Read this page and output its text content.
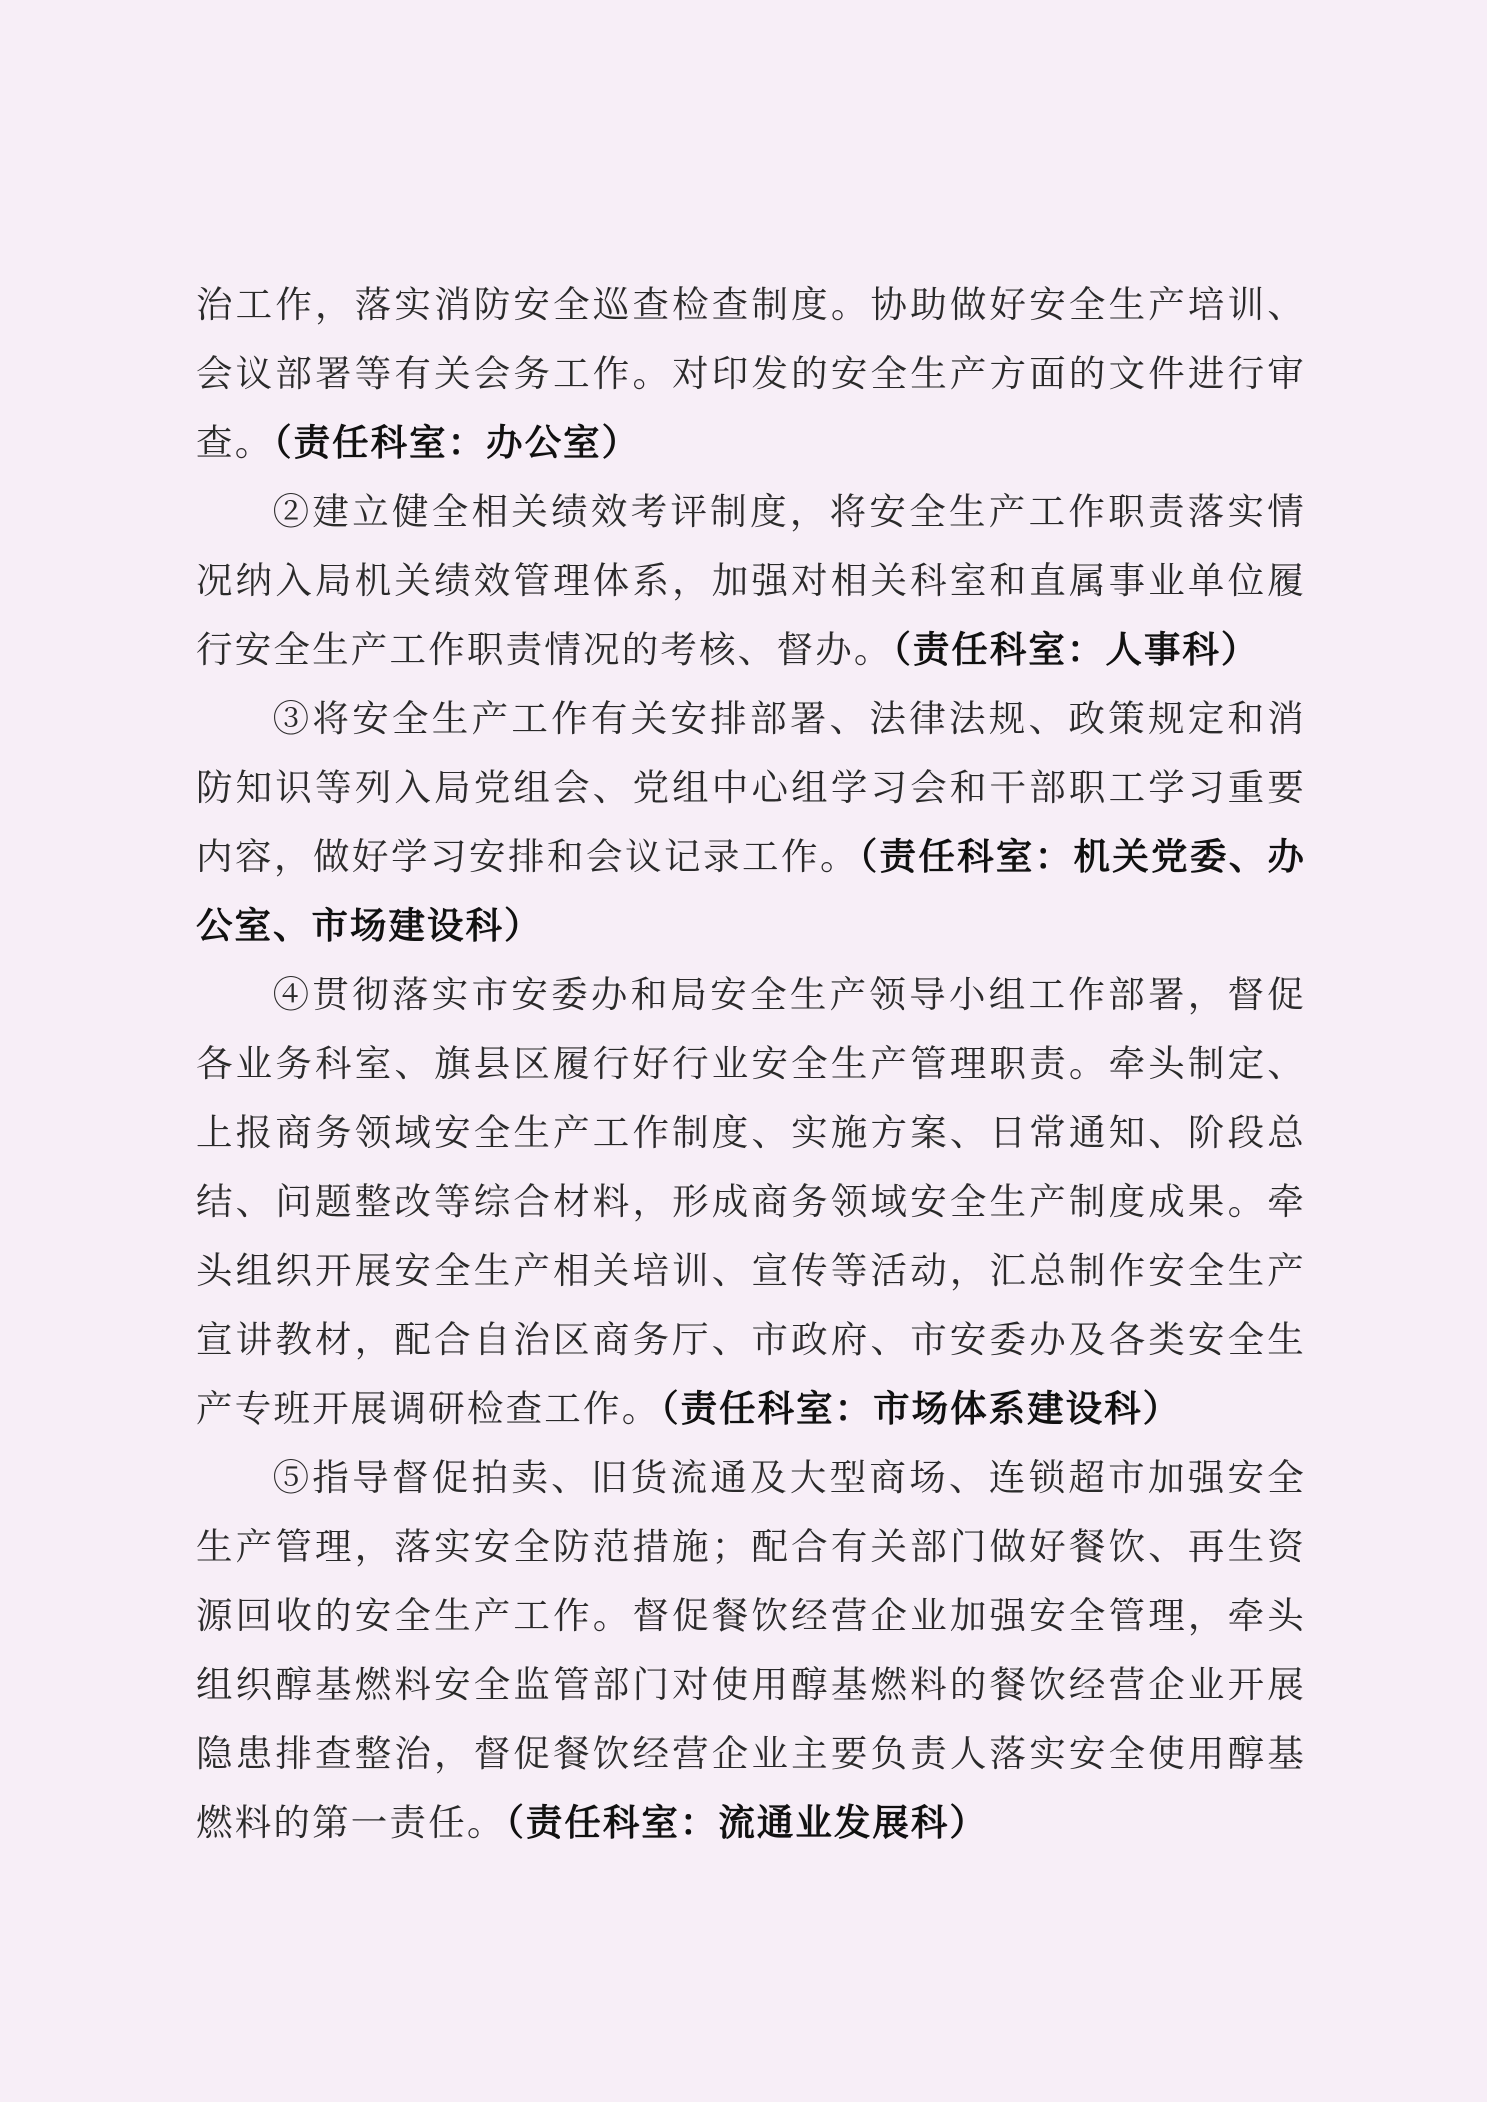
治工作，落实消防安全巡查检查制度。协助做好安全生产培训、会议部署等有关会务工作。对印发的安全生产方面的文件进行审查。（责任科室：办公室）

②建立健全相关绩效考评制度，将安全生产工作职责落实情况纳入局机关绩效管理体系，加强对相关科室和直属事业单位履行安全生产工作职责情况的考核、督办。（责任科室：人事科）

③将安全生产工作有关安排部署、法律法规、政策规定和消防知识等列入局党组会、党组中心组学习会和干部职工学习重要内容，做好学习安排和会议记录工作。（责任科室：机关党委、办公室、市场建设科）

④贯彻落实市安委办和局安全生产领导小组工作部署，督促各业务科室、旗县区履行好行业安全生产管理职责。牵头制定、上报商务领域安全生产工作制度、实施方案、日常通知、阶段总结、问题整改等综合材料，形成商务领域安全生产制度成果。牵头组织开展安全生产相关培训、宣传等活动，汇总制作安全生产宣讲教材，配合自治区商务厅、市政府、市安委办及各类安全生产专班开展调研检查工作。（责任科室：市场体系建设科）

⑤指导督促拍卖、旧货流通及大型商场、连锁超市加强安全生产管理，落实安全防范措施；配合有关部门做好餐饮、再生资源回收的安全生产工作。督促餐饮经营企业加强安全管理，牵头组织醇基燃料安全监管部门对使用醇基燃料的餐饮经营企业开展隐患排查整治，督促餐饮经营企业主要负责人落实安全使用醇基燃料的第一责任。（责任科室：流通业发展科）
